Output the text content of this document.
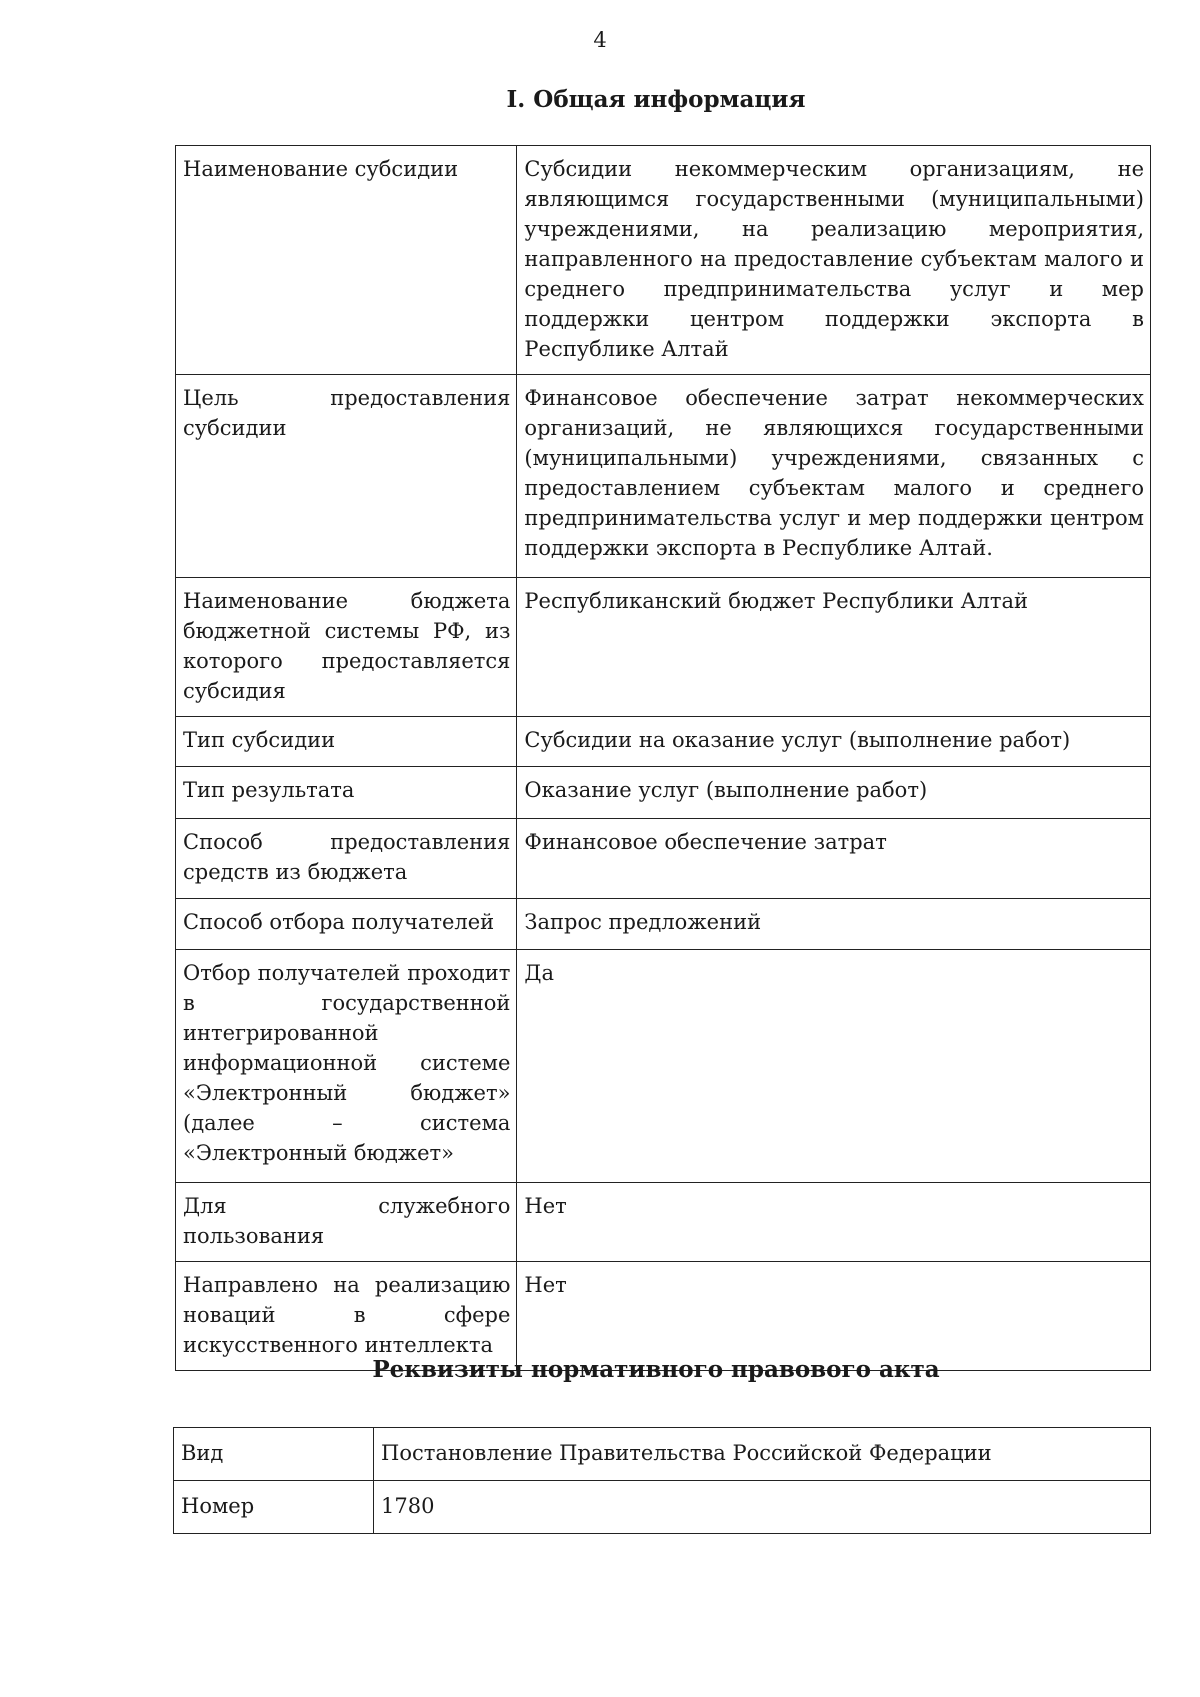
4
I. Общая информация
Наименование субсидии	Субсидии некоммерческим организациям, не являющимся государственными (муниципальными) учреждениями, на реализацию мероприятия, направленного на предоставление субъектам малого и среднего предпринимательства услуг и мер поддержки центром поддержки экспорта в Республике Алтай
Цель предоставления субсидии	Финансовое обеспечение затрат некоммерческих организаций, не являющихся государственными (муниципальными) учреждениями, связанных с предоставлением субъектам малого и среднего предпринимательства услуг и мер поддержки центром поддержки экспорта в Республике Алтай.
Наименование бюджета бюджетной системы РФ, из которого предоставляется субсидия	Республиканский бюджет Республики Алтай
Тип субсидии	Субсидии на оказание услуг (выполнение работ)
Тип результата	Оказание услуг (выполнение работ)
Способ предоставления средств из бюджета	Финансовое обеспечение затрат
Способ отбора получателей	Запрос предложений
Отбор получателей проходит в государственной интегрированной информационной системе «Электронный бюджет» (далее – система «Электронный бюджет»	Да
Для служебного пользования	Нет
Направлено на реализацию новаций в сфере искусственного интеллекта	Нет
Реквизиты нормативного правового акта
Вид	Постановление Правительства Российской Федерации
Номер	1780
